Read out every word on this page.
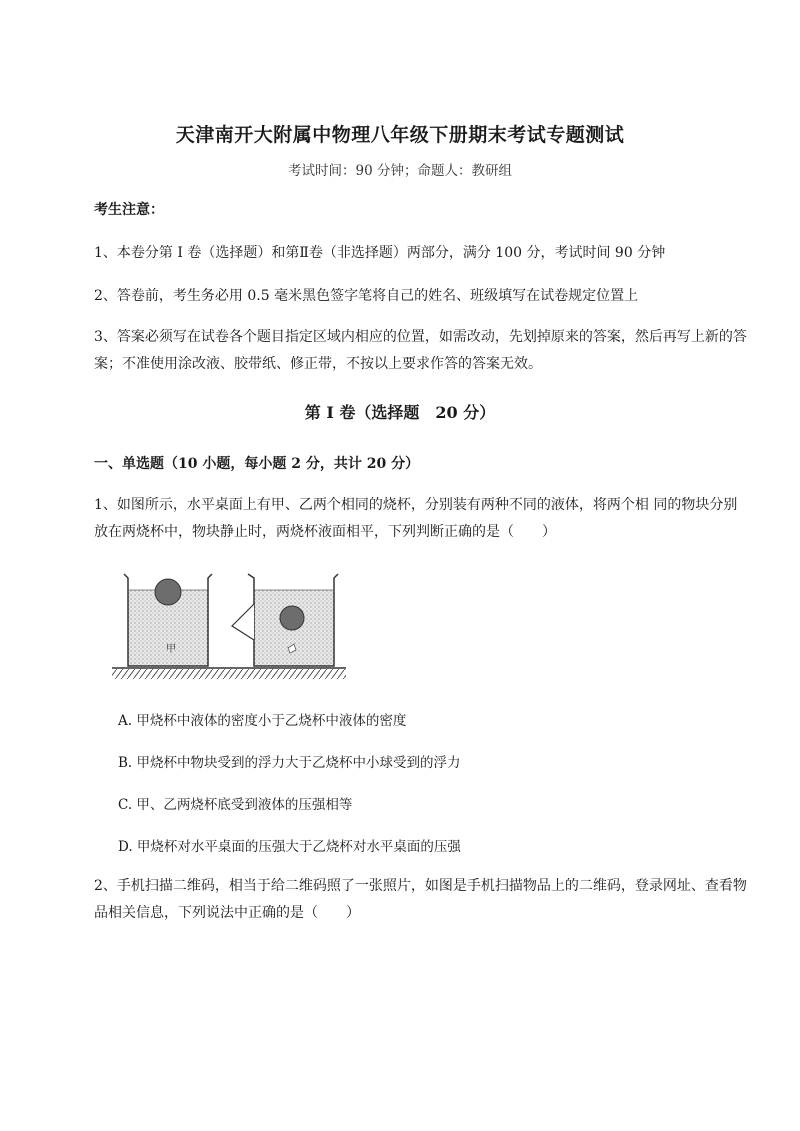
天津南开大附属中物理八年级下册期末考试专题测试
考试时间：90 分钟；命题人：教研组
考生注意：
1、本卷分第 I 卷（选择题）和第Ⅱ卷（非选择题）两部分，满分 100 分，考试时间 90 分钟
2、答卷前，考生务必用 0.5 毫米黑色签字笔将自己的姓名、班级填写在试卷规定位置上
3、答案必须写在试卷各个题目指定区域内相应的位置，如需改动，先划掉原来的答案，然后再写上新的答案；不准使用涂改液、胶带纸、修正带，不按以上要求作答的答案无效。
第 I 卷（选择题　20 分）
一、单选题（10 小题，每小题 2 分，共计 20 分）
1、如图所示，水平桌面上有甲、乙两个相同的烧杯，分别装有两种不同的液体，将两个相 同的物块分别放在两烧杯中，物块静止时，两烧杯液面相平，下列判断正确的是（　　）
甲
A. 甲烧杯中液体的密度小于乙烧杯中液体的密度
B. 甲烧杯中物块受到的浮力大于乙烧杯中小球受到的浮力
C. 甲、乙两烧杯底受到液体的压强相等
D. 甲烧杯对水平桌面的压强大于乙烧杯对水平桌面的压强
2、手机扫描二维码，相当于给二维码照了一张照片，如图是手机扫描物品上的二维码，登录网址、查看物品相关信息，下列说法中正确的是（　　）
